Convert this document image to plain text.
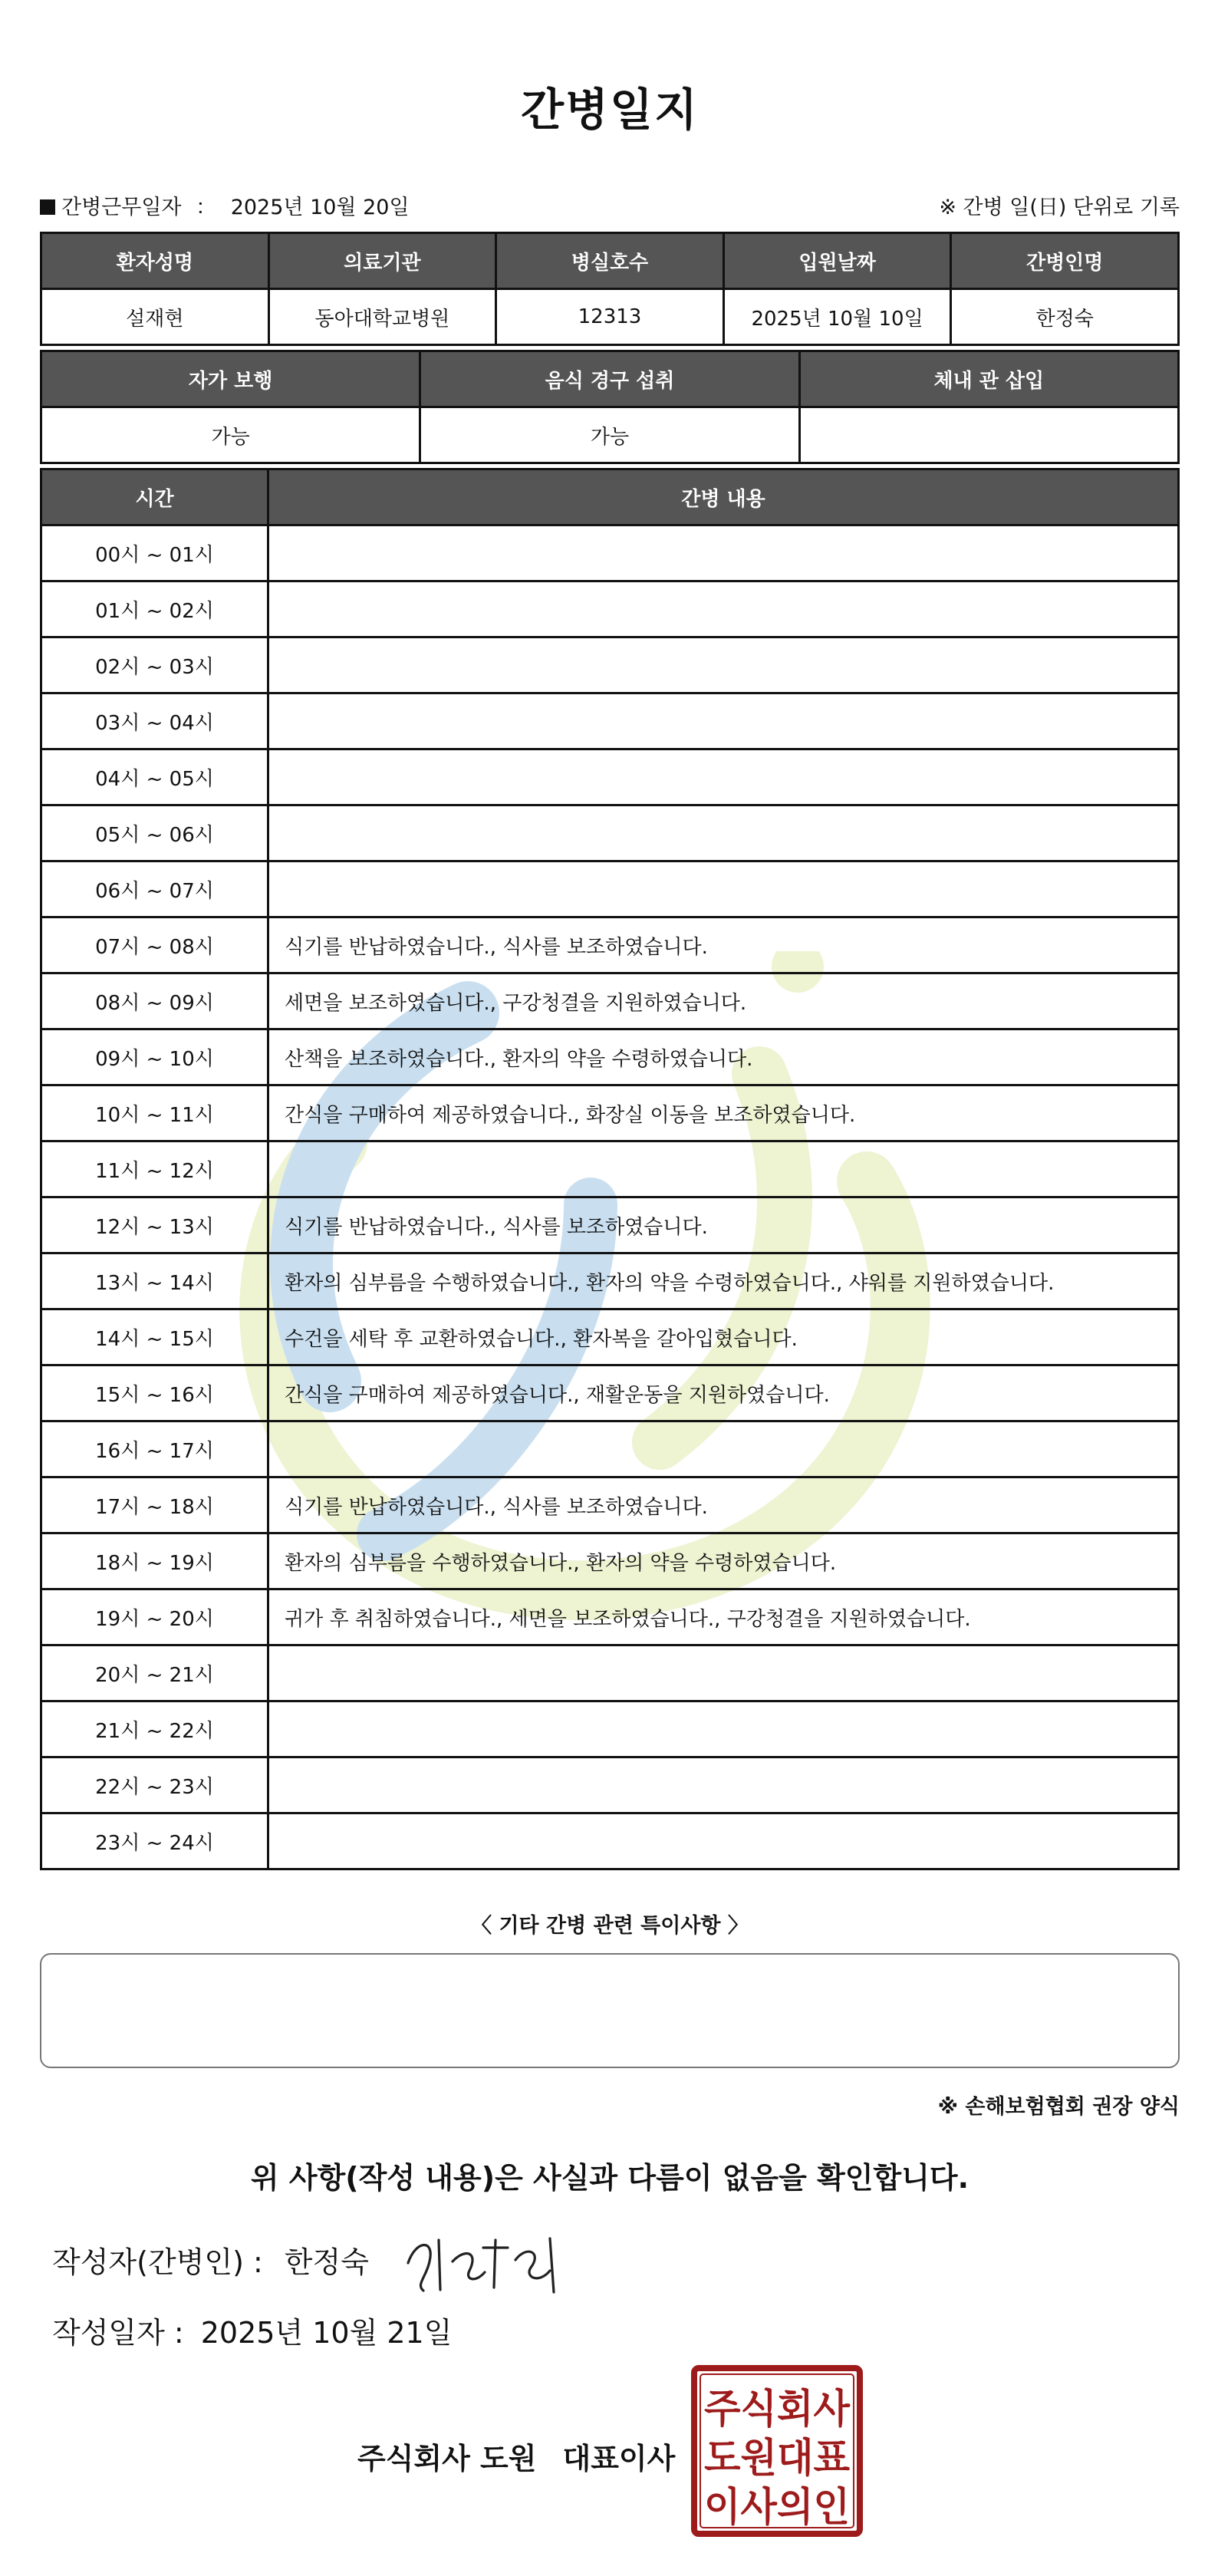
간병일지
간병근무일자 ： 2025년 10월 20일	※ 간병 일(日) 단위로 기록
환자성명	의료기관	병실호수	입원날짜	간병인명
설재현	동아대학교병원	12313	2025년 10월 10일	한정숙
자가 보행	음식 경구 섭취	체내 관 삽입
가능	가능	
시간	간병 내용
00시 ~ 01시	
01시 ~ 02시	
02시 ~ 03시	
03시 ~ 04시	
04시 ~ 05시	
05시 ~ 06시	
06시 ~ 07시	
07시 ~ 08시	식기를 반납하였습니다., 식사를 보조하였습니다.
08시 ~ 09시	세면을 보조하였습니다., 구강청결을 지원하였습니다.
09시 ~ 10시	산책을 보조하였습니다., 환자의 약을 수령하였습니다.
10시 ~ 11시	간식을 구매하여 제공하였습니다., 화장실 이동을 보조하였습니다.
11시 ~ 12시	
12시 ~ 13시	식기를 반납하였습니다., 식사를 보조하였습니다.
13시 ~ 14시	환자의 심부름을 수행하였습니다., 환자의 약을 수령하였습니다., 샤워를 지원하였습니다.
14시 ~ 15시	수건을 세탁 후 교환하였습니다., 환자복을 갈아입혔습니다.
15시 ~ 16시	간식을 구매하여 제공하였습니다., 재활운동을 지원하였습니다.
16시 ~ 17시	
17시 ~ 18시	식기를 반납하였습니다., 식사를 보조하였습니다.
18시 ~ 19시	환자의 심부름을 수행하였습니다., 환자의 약을 수령하였습니다.
19시 ~ 20시	귀가 후 취침하였습니다., 세면을 보조하였습니다., 구강청결을 지원하였습니다.
20시 ~ 21시	
21시 ~ 22시	
22시 ~ 23시	
23시 ~ 24시	
〈 기타 간병 관련 특이사항 〉
※ 손해보험협회 권장 양식
위 사항(작성 내용)은 사실과 다름이 없음을 확인합니다.
작성자(간병인) : 한정숙
작성일자 : 2025년 10월 21일
주식회사 도원 대표이사
주식회사
도원대표
이사의인
